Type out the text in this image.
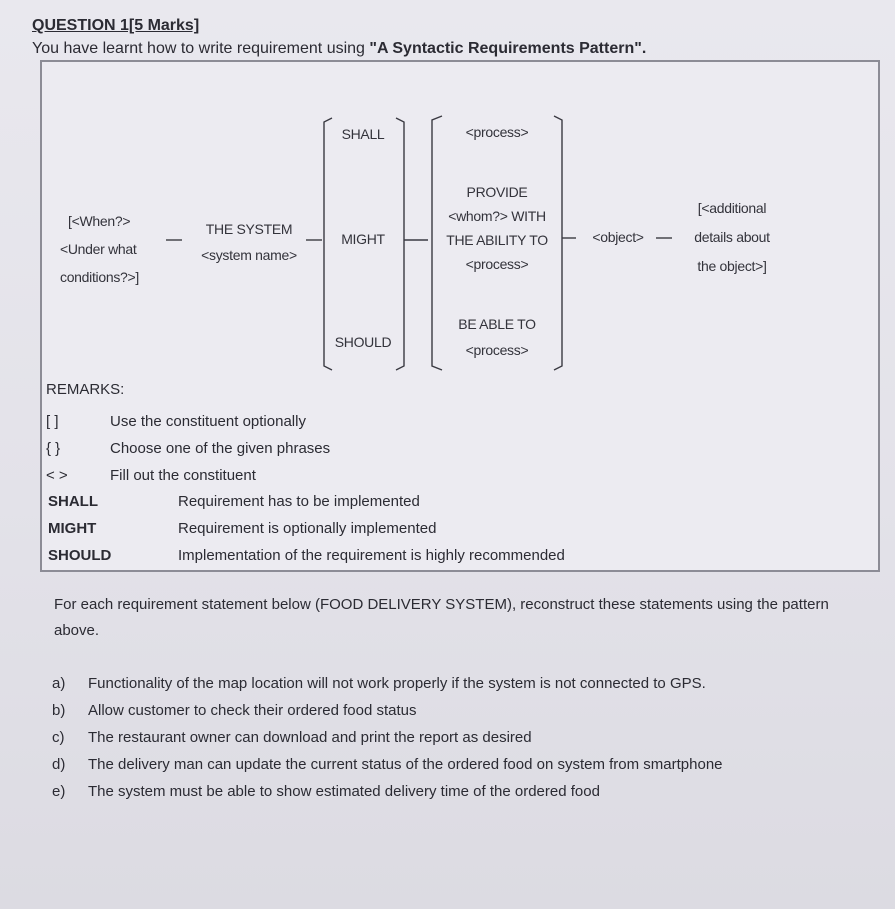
QUESTION 1[5 Marks]
You have learnt how to write requirement using "A Syntactic Requirements Pattern".
[<When?>
<Under what
conditions?>]
THE SYSTEM
<system name>
SHALL
MIGHT
SHOULD
<process>
PROVIDE
<whom?> WITH
THE ABILITY TO
<process>
BE ABLE TO
<process>
<object>
[<additional
details about
the object>]
REMARKS:
[ ]	Use the constituent optionally
{ }	Choose one of the given phrases
< >	Fill out the constituent
SHALL	Requirement has to be implemented
MIGHT	Requirement is optionally implemented
SHOULD	Implementation of the requirement is highly recommended
For each requirement statement below (FOOD DELIVERY SYSTEM), reconstruct these statements using the pattern above.
a)	Functionality of the map location will not work properly if the system is not connected to GPS.
b)	Allow customer to check their ordered food status
c)	The restaurant owner can download and print the report as desired
d)	The delivery man can update the current status of the ordered food on system from smartphone
e)	The system must be able to show estimated delivery time of the ordered food
